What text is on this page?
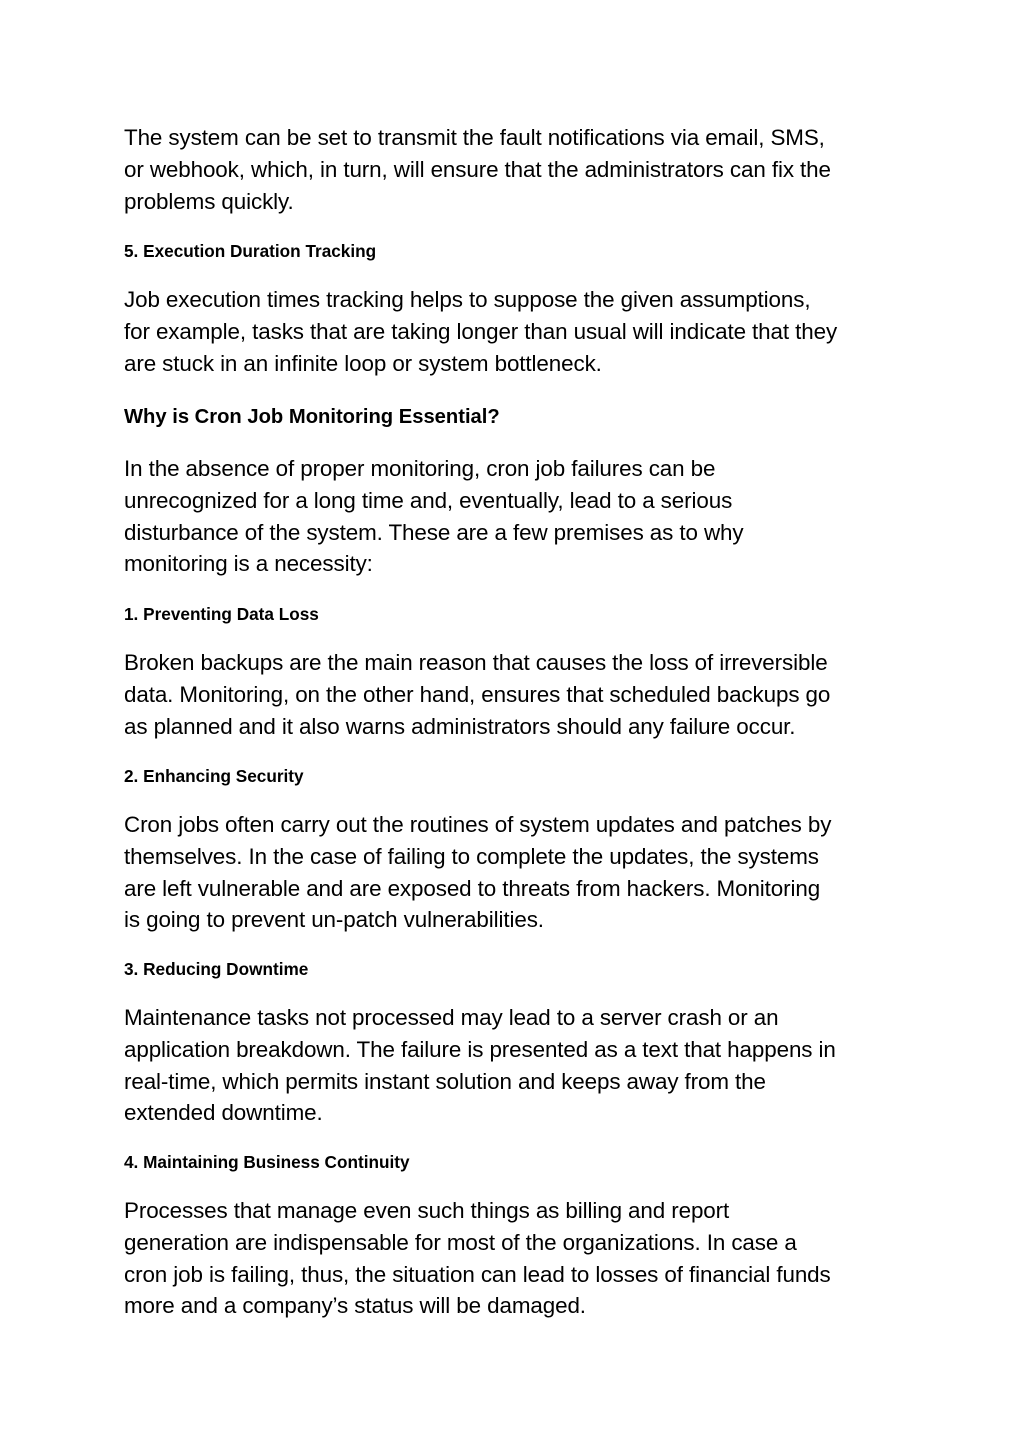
The system can be set to transmit the fault notifications via email, SMS,
or webhook, which, in turn, will ensure that the administrators can fix the
problems quickly.
5. Execution Duration Tracking
Job execution times tracking helps to suppose the given assumptions,
for example, tasks that are taking longer than usual will indicate that they
are stuck in an infinite loop or system bottleneck.
Why is Cron Job Monitoring Essential?
In the absence of proper monitoring, cron job failures can be
unrecognized for a long time and, eventually, lead to a serious
disturbance of the system. These are a few premises as to why
monitoring is a necessity:
1. Preventing Data Loss
Broken backups are the main reason that causes the loss of irreversible
data. Monitoring, on the other hand, ensures that scheduled backups go
as planned and it also warns administrators should any failure occur.
2. Enhancing Security
Cron jobs often carry out the routines of system updates and patches by
themselves. In the case of failing to complete the updates, the systems
are left vulnerable and are exposed to threats from hackers. Monitoring
is going to prevent un-patch vulnerabilities.
3. Reducing Downtime
Maintenance tasks not processed may lead to a server crash or an
application breakdown. The failure is presented as a text that happens in
real-time, which permits instant solution and keeps away from the
extended downtime.
4. Maintaining Business Continuity
Processes that manage even such things as billing and report
generation are indispensable for most of the organizations. In case a
cron job is failing, thus, the situation can lead to losses of financial funds
more and a company’s status will be damaged.
